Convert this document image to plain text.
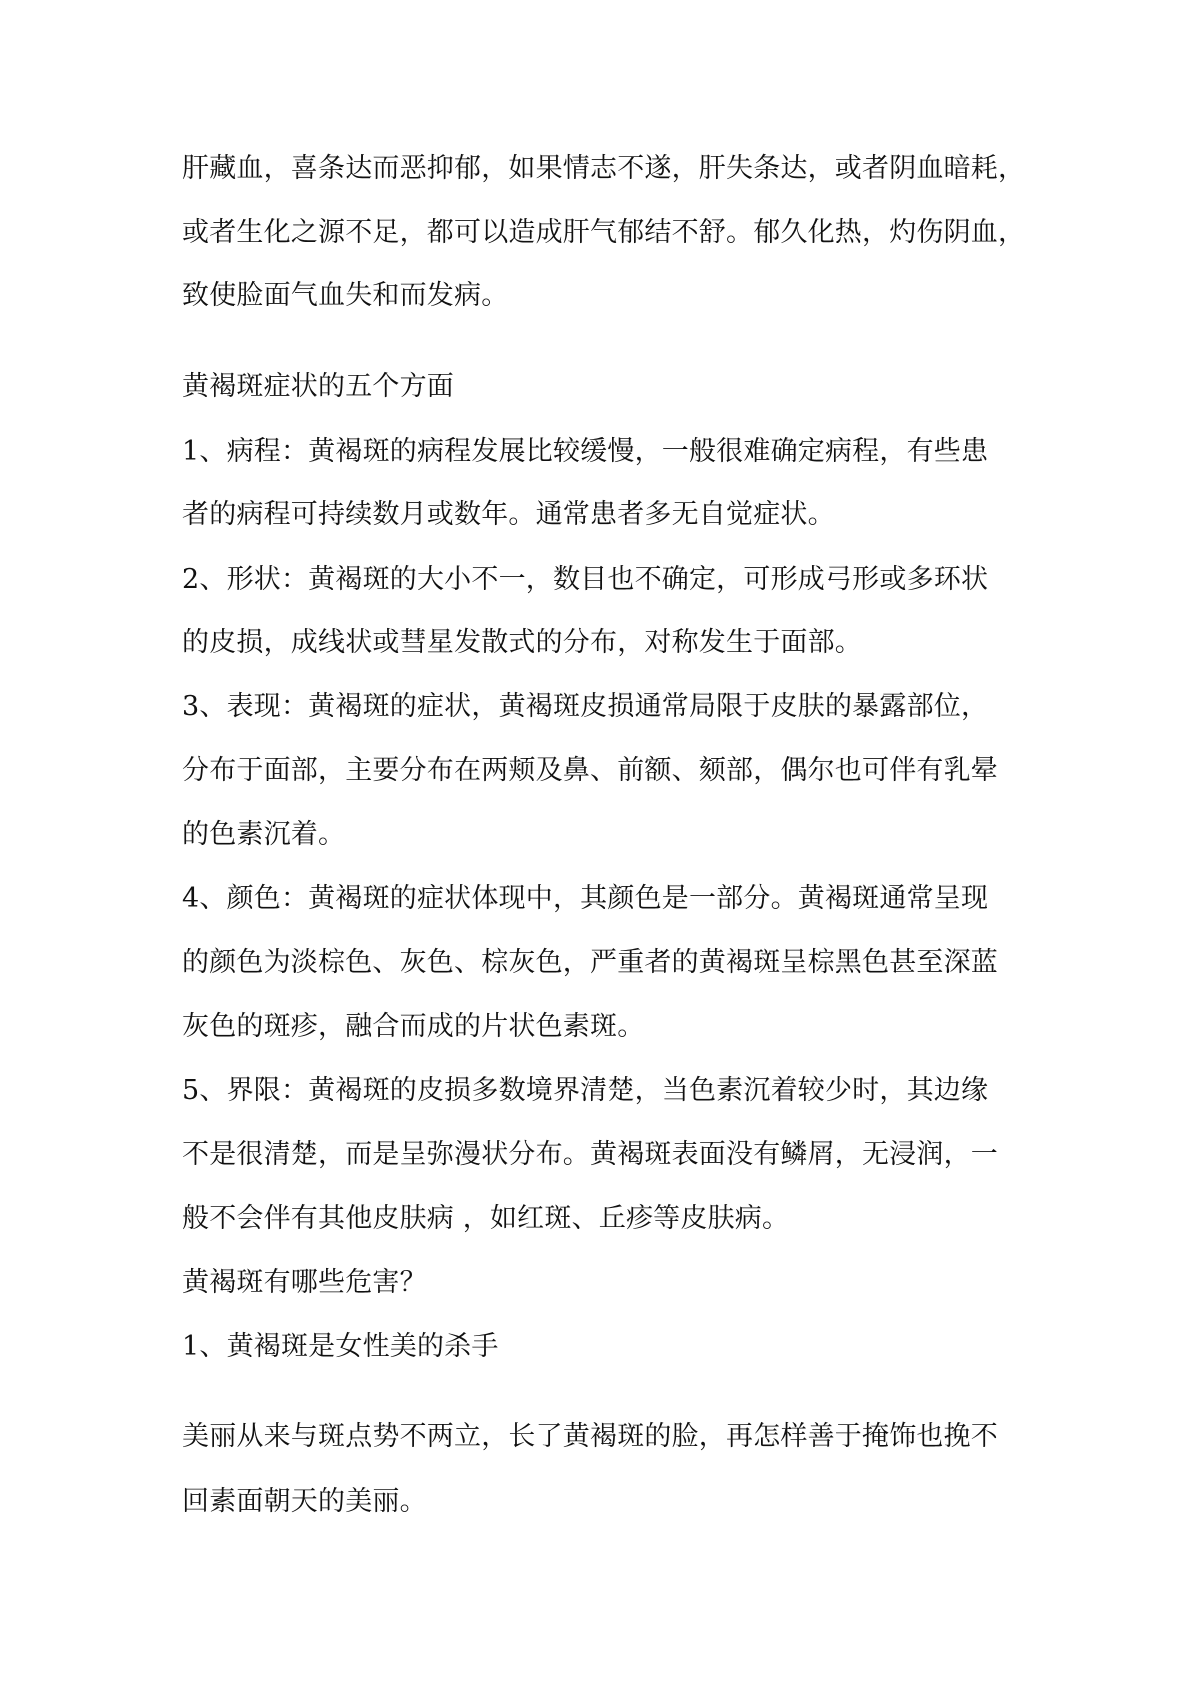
肝藏血，喜条达而恶抑郁，如果情志不遂，肝失条达，或者阴血暗耗，
或者生化之源不足，都可以造成肝气郁结不舒。郁久化热，灼伤阴血，
致使脸面气血失和而发病。
黄褐斑症状的五个方面
1、病程：黄褐斑的病程发展比较缓慢，一般很难确定病程，有些患
者的病程可持续数月或数年。通常患者多无自觉症状。
2、形状：黄褐斑的大小不一，数目也不确定，可形成弓形或多环状
的皮损，成线状或彗星发散式的分布，对称发生于面部。
3、表现：黄褐斑的症状，黄褐斑皮损通常局限于皮肤的暴露部位，
分布于面部，主要分布在两颊及鼻、前额、颏部，偶尔也可伴有乳晕
的色素沉着。
4、颜色：黄褐斑的症状体现中，其颜色是一部分。黄褐斑通常呈现
的颜色为淡棕色、灰色、棕灰色，严重者的黄褐斑呈棕黑色甚至深蓝
灰色的斑疹，融合而成的片状色素斑。
5、界限：黄褐斑的皮损多数境界清楚，当色素沉着较少时，其边缘
不是很清楚，而是呈弥漫状分布。黄褐斑表面没有鳞屑，无浸润，一
般不会伴有其他皮肤病 ，如红斑、丘疹等皮肤病。
黄褐斑有哪些危害？
1、黄褐斑是女性美的杀手
美丽从来与斑点势不两立，长了黄褐斑的脸，再怎样善于掩饰也挽不
回素面朝天的美丽。
